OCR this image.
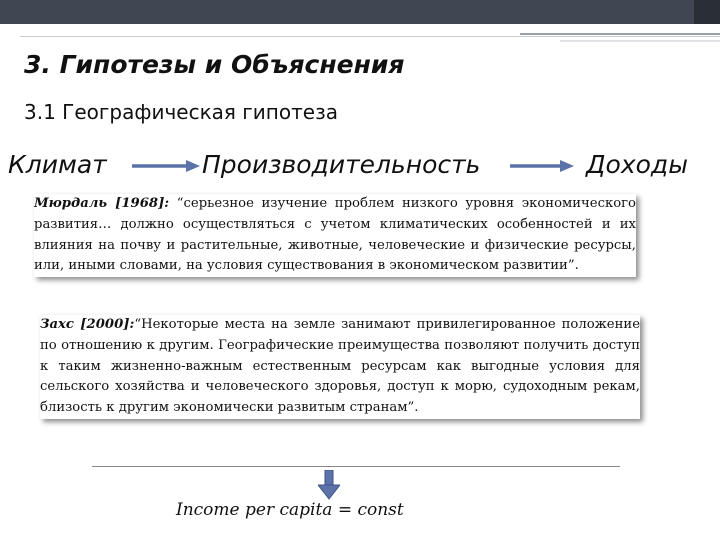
3. Гипотезы и Объяснения
3.1 Географическая гипотеза
Климат	Производительность	Доходы
Мюрдаль [1968]: “серьезное изучение проблем низкого уровня экономического развития… должно осуществляться с учетом климатических особенностей и их влияния на почву и растительные, животные, человеческие и физические ресурсы, или, иными словами, на условия существования в экономическом развитии”.
Захс [2000]:“Некоторые места на земле занимают привилегированное положение по отношению к другим. Географические преимущества позволяют получить доступ к таким жизненно-важным естественным ресурсам как выгодные условия для сельского хозяйства и человеческого здоровья, доступ к морю, судоходным рекам, близость к другим экономически развитым странам”.
Income per capita = const
